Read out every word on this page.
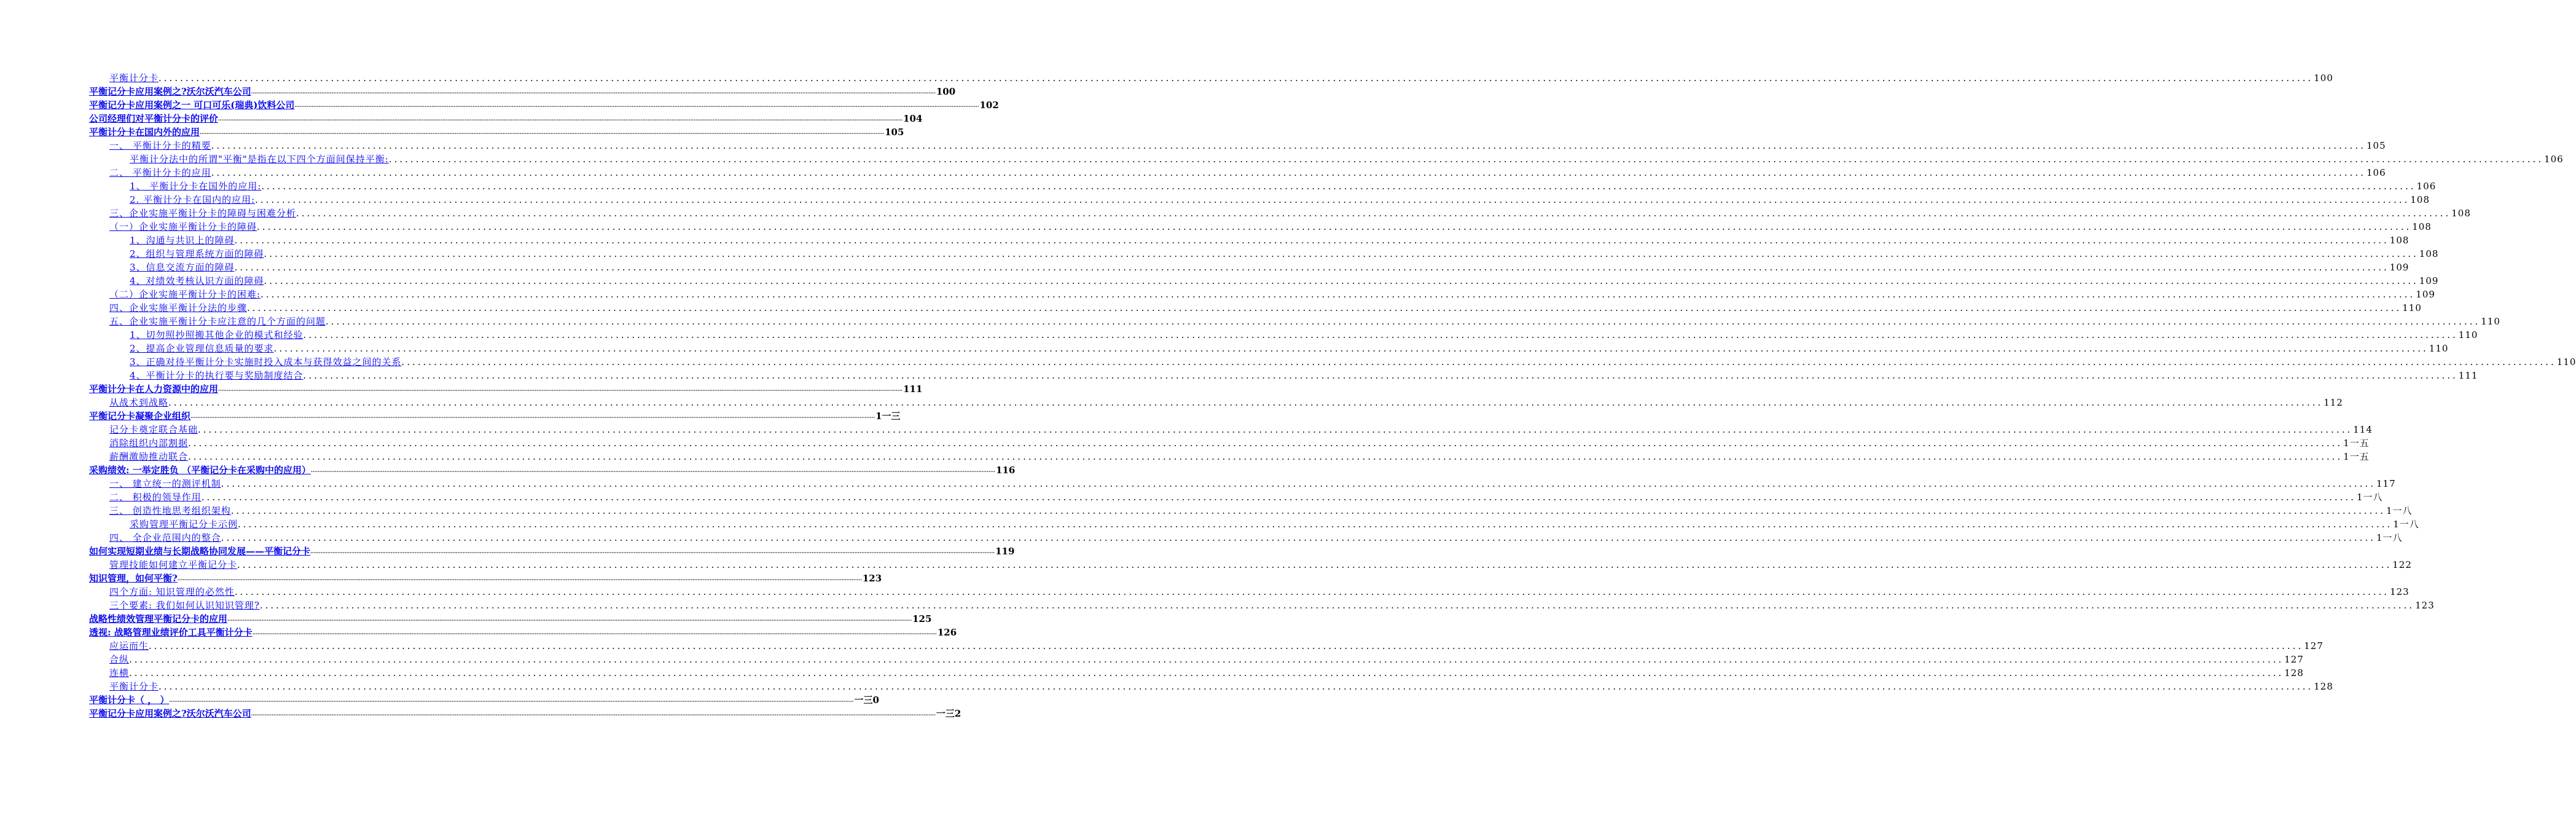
平衡计分卡 ................................................................................................................................................................................................................................................................................................................................................................................................................ 100
平衡记分卡应用案例之?沃尔沃汽车公司 ................................................................................................................................................................................................................................................................................................................................................................................................................ 100
平衡记分卡应用案例之一 可口可乐(瑞典)饮料公司 ................................................................................................................................................................................................................................................................................................................................................................................................................ 102
公司经理们对平衡计分卡的评价 ................................................................................................................................................................................................................................................................................................................................................................................................................ 104
平衡计分卡在国内外的应用 ................................................................................................................................................................................................................................................................................................................................................................................................................ 105
一、 平衡计分卡的精要 ................................................................................................................................................................................................................................................................................................................................................................................................................ 105
平衡计分法中的所谓"平衡"是指在以下四个方面间保持平衡: ................................................................................................................................................................................................................................................................................................................................................................................................................ 106
二、 平衡计分卡的应用 ................................................................................................................................................................................................................................................................................................................................................................................................................ 106
1、 平衡计分卡在国外的应用: ................................................................................................................................................................................................................................................................................................................................................................................................................ 106
2. 平衡计分卡在国内的应用: ................................................................................................................................................................................................................................................................................................................................................................................................................ 108
三、企业实施平衡计分卡的障碍与困难分析 ................................................................................................................................................................................................................................................................................................................................................................................................................ 108
（一）企业实施平衡计分卡的障碍 ................................................................................................................................................................................................................................................................................................................................................................................................................ 108
1、沟通与共识上的障碍 ................................................................................................................................................................................................................................................................................................................................................................................................................ 108
2、组织与管理系统方面的障碍 ................................................................................................................................................................................................................................................................................................................................................................................................................ 108
3、信息交流方面的障碍 ................................................................................................................................................................................................................................................................................................................................................................................................................ 109
4、对绩效考核认识方面的障碍 ................................................................................................................................................................................................................................................................................................................................................................................................................ 109
（二）企业实施平衡计分卡的困难: ................................................................................................................................................................................................................................................................................................................................................................................................................ 109
四、企业实施平衡计分法的步骤 ................................................................................................................................................................................................................................................................................................................................................................................................................ 110
五、企业实施平衡计分卡应注意的几个方面的问题 ................................................................................................................................................................................................................................................................................................................................................................................................................ 110
1、切勿照抄照搬其他企业的模式和经验 ................................................................................................................................................................................................................................................................................................................................................................................................................ 110
2、提高企业管理信息质量的要求 ................................................................................................................................................................................................................................................................................................................................................................................................................ 110
3、正确对待平衡计分卡实施时投入成本与获得效益之间的关系 ................................................................................................................................................................................................................................................................................................................................................................................................................ 110
4、平衡计分卡的执行要与奖励制度结合 ................................................................................................................................................................................................................................................................................................................................................................................................................ 111
平衡计分卡在人力资源中的应用 ................................................................................................................................................................................................................................................................................................................................................................................................................ 111
从战术到战略 ................................................................................................................................................................................................................................................................................................................................................................................................................ 112
平衡记分卡凝聚企业组织 ................................................................................................................................................................................................................................................................................................................................................................................................................ 1一三
记分卡奠定联合基础 ................................................................................................................................................................................................................................................................................................................................................................................................................ 114
消除组织内部割据 ................................................................................................................................................................................................................................................................................................................................................................................................................ 1一五
薪酬激励推动联合 ................................................................................................................................................................................................................................................................................................................................................................................................................ 1一五
采购绩效: 一举定胜负 （平衡记分卡在采购中的应用） ................................................................................................................................................................................................................................................................................................................................................................................................................ 116
一、 建立统一的测评机制 ................................................................................................................................................................................................................................................................................................................................................................................................................ 117
二、 积极的领导作用 ................................................................................................................................................................................................................................................................................................................................................................................................................ 1一八
三、 创造性地思考组织架构 ................................................................................................................................................................................................................................................................................................................................................................................................................ 1一八
采购管理平衡记分卡示例 ................................................................................................................................................................................................................................................................................................................................................................................................................ 1一八
四、 全企业范围内的整合 ................................................................................................................................................................................................................................................................................................................................................................................................................ 1一八
如何实现短期业绩与长期战略协同发展——平衡记分卡 ................................................................................................................................................................................................................................................................................................................................................................................................................ 119
管理技能如何建立平衡记分卡 ................................................................................................................................................................................................................................................................................................................................................................................................................ 122
知识管理，如何平衡? ................................................................................................................................................................................................................................................................................................................................................................................................................ 123
四个方面: 知识管理的必然性 ................................................................................................................................................................................................................................................................................................................................................................................................................ 123
三个要素: 我们如何认识知识管理? ................................................................................................................................................................................................................................................................................................................................................................................................................ 123
战略性绩效管理平衡记分卡的应用 ................................................................................................................................................................................................................................................................................................................................................................................................................ 125
透视: 战略管理业绩评价工具平衡计分卡 ................................................................................................................................................................................................................................................................................................................................................................................................................ 126
应运而生 ................................................................................................................................................................................................................................................................................................................................................................................................................ 127
合纵 ................................................................................................................................................................................................................................................................................................................................................................................................................ 127
连横 ................................................................................................................................................................................................................................................................................................................................................................................................................ 128
平衡计分卡 ................................................................................................................................................................................................................................................................................................................................................................................................................ 128
平衡计分卡（ ， ） ................................................................................................................................................................................................................................................................................................................................................................................................................ 一三0
平衡记分卡应用案例之?沃尔沃汽车公司 ................................................................................................................................................................................................................................................................................................................................................................................................................ 一三2
